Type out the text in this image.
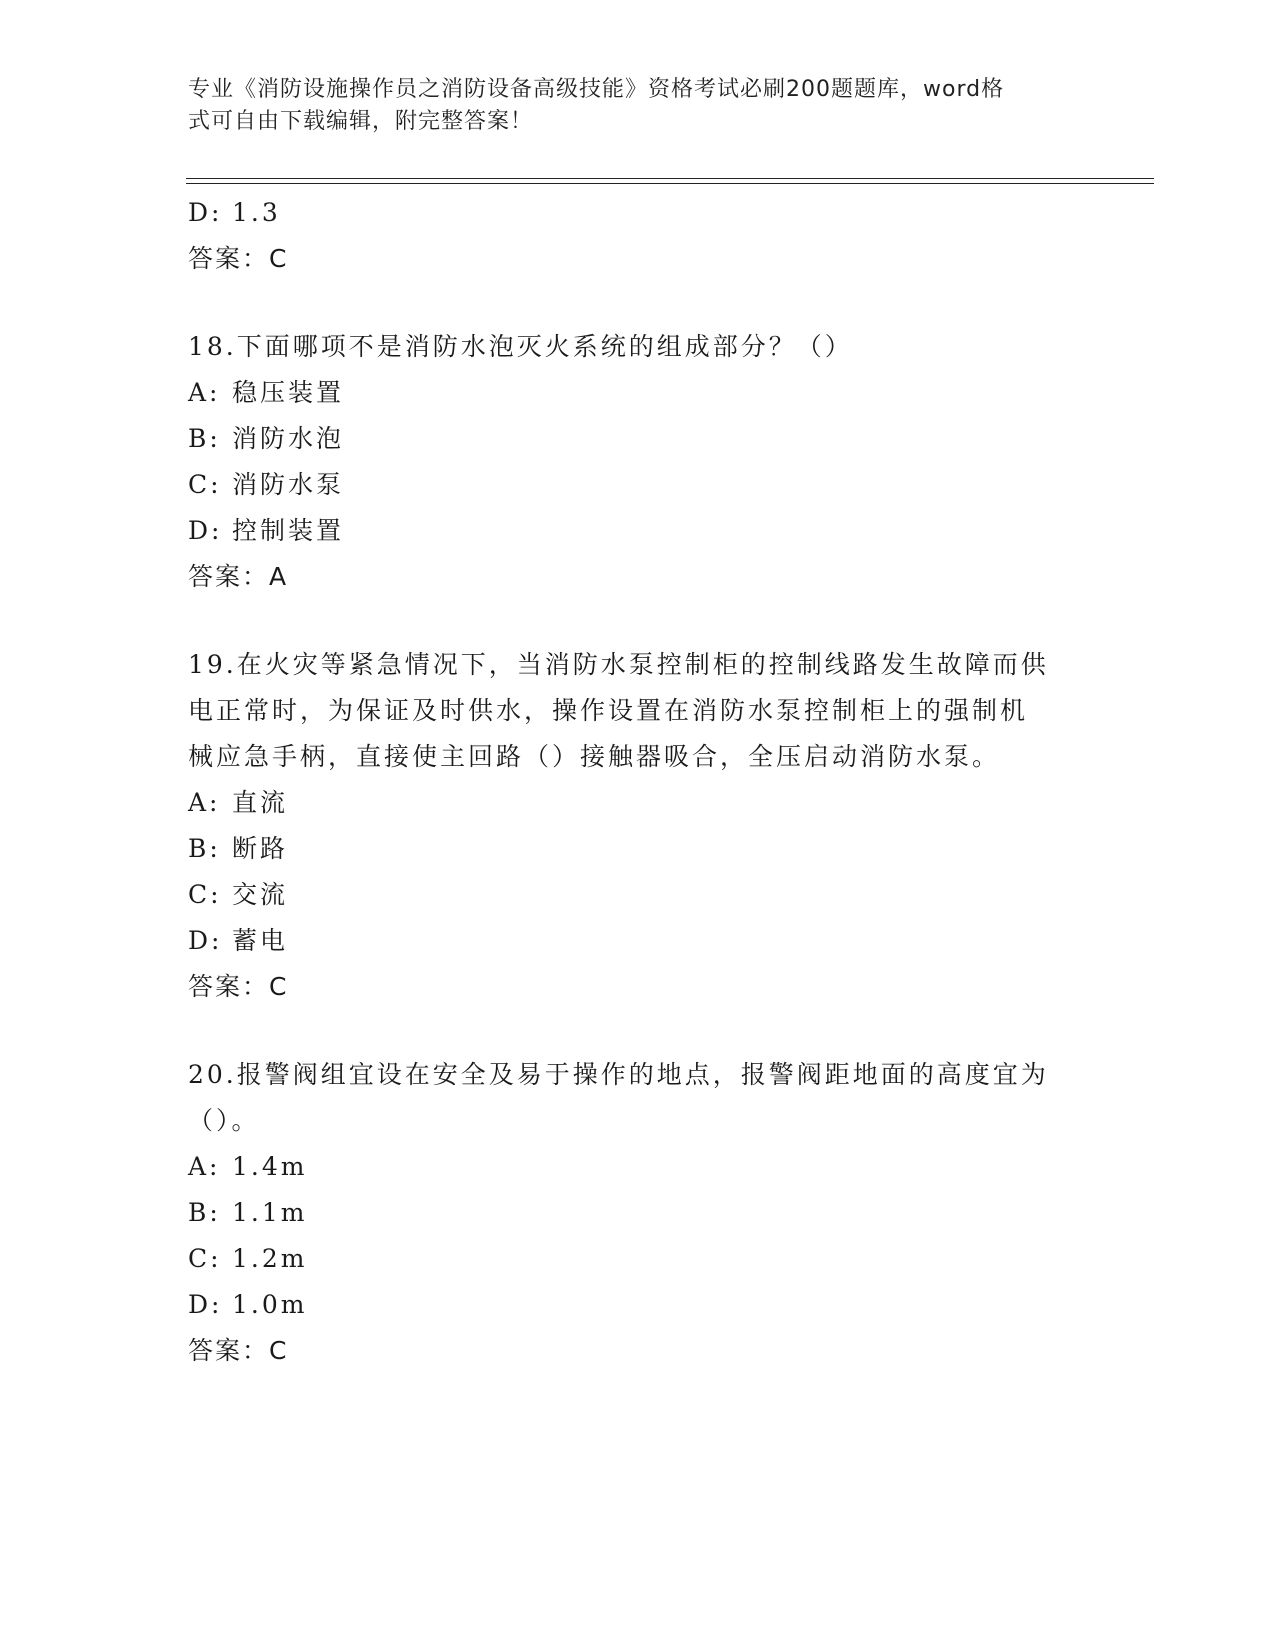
专业《消防设施操作员之消防设备高级技能》资格考试必刷200题题库，word格
式可自由下载编辑，附完整答案！
D: 1.3
答案：C
18.下面哪项不是消防水泡灭火系统的组成部分？（）
A: 稳压装置
B: 消防水泡
C: 消防水泵
D: 控制装置
答案：A
19.在火灾等紧急情况下，当消防水泵控制柜的控制线路发生故障而供
电正常时，为保证及时供水，操作设置在消防水泵控制柜上的强制机
械应急手柄，直接使主回路（）接触器吸合，全压启动消防水泵。
A: 直流
B: 断路
C: 交流
D: 蓄电
答案：C
20.报警阀组宜设在安全及易于操作的地点，报警阀距地面的高度宜为
（）。
A: 1.4m
B: 1.1m
C: 1.2m
D: 1.0m
答案：C
